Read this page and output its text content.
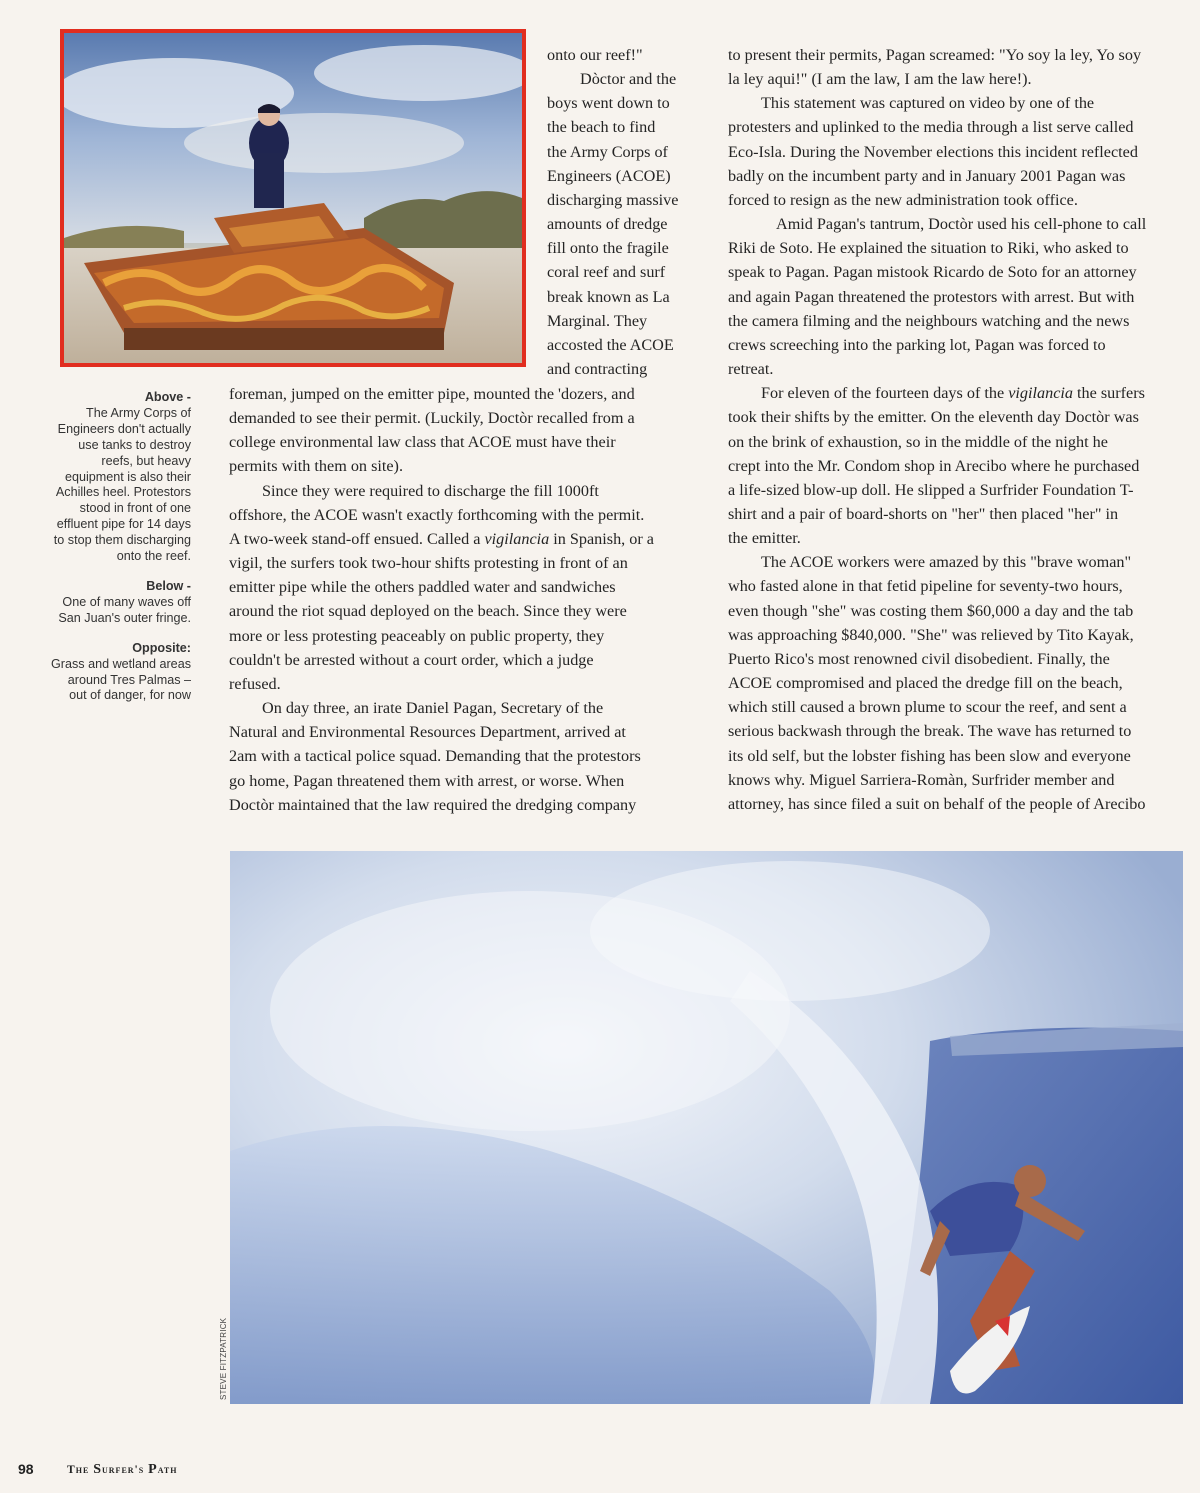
Above -

The Army Corps of
Engineers don't actually
use tanks to destroy
reefs, but heavy
equipment is also their
Achilles heel. Protestors
stood in front of one
effluent pipe for 14 days
to stop them discharging
onto the reef.

Below -

One of many waves off
San Juan's outer fringe.

Opposite:

Grass and wetland areas
around Tres Palmas –
out of danger, for now

onto our reef!"
Dòctor and the
boys went down to
the beach to find
the Army Corps of
Engineers (ACOE)
discharging massive
amounts of dredge
fill onto the fragile
coral reef and surf
break known as La
Marginal. They
accosted the ACOE
and contracting
foreman, jumped on the emitter pipe, mounted the 'dozers, and
demanded to see their permit. (Luckily, Doctòr recalled from a
college environmental law class that ACOE must have their
permits with them on site).
Since they were required to discharge the fill 1000ft
offshore, the ACOE wasn't exactly forthcoming with the permit.
A two-week stand-off ensued. Called a vigilancia in Spanish, or a
vigil, the surfers took two-hour shifts protesting in front of an
emitter pipe while the others paddled water and sandwiches
around the riot squad deployed on the beach. Since they were
more or less protesting peaceably on public property, they
couldn't be arrested without a court order, which a judge
refused.
On day three, an irate Daniel Pagan, Secretary of the
Natural and Environmental Resources Department, arrived at
2am with a tactical police squad. Demanding that the protestors
go home, Pagan threatened them with arrest, or worse. When
Doctòr maintained that the law required the dredging company
to present their permits, Pagan screamed: "Yo soy la ley, Yo soy
la ley aqui!" (I am the law, I am the law here!).
This statement was captured on video by one of the
protesters and uplinked to the media through a list serve called
Eco-Isla. During the November elections this incident reflected
badly on the incumbent party and in January 2001 Pagan was
forced to resign as the new administration took office.
Amid Pagan's tantrum, Doctòr used his cell-phone to call
Riki de Soto. He explained the situation to Riki, who asked to
speak to Pagan. Pagan mistook Ricardo de Soto for an attorney
and again Pagan threatened the protestors with arrest. But with
the camera filming and the neighbours watching and the news
crews screeching into the parking lot, Pagan was forced to
retreat.
For eleven of the fourteen days of the vigilancia the surfers
took their shifts by the emitter. On the eleventh day Doctòr was
on the brink of exhaustion, so in the middle of the night he
crept into the Mr. Condom shop in Arecibo where he purchased
a life-sized blow-up doll. He slipped a Surfrider Foundation T-
shirt and a pair of board-shorts on "her" then placed "her" in
the emitter.
The ACOE workers were amazed by this "brave woman"
who fasted alone in that fetid pipeline for seventy-two hours,
even though "she" was costing them $60,000 a day and the tab
was approaching $840,000. "She" was relieved by Tito Kayak,
Puerto Rico's most renowned civil disobedient. Finally, the
ACOE compromised and placed the dredge fill on the beach,
which still caused a brown plume to scour the reef, and sent a
serious backwash through the break. The wave has returned to
its old self, but the lobster fishing has been slow and everyone
knows why. Miguel Sarriera-Romàn, Surfrider member and
attorney, has since filed a suit on behalf of the people of Arecibo
STEVE FITZPATRICK
98	The Surfer's Path
